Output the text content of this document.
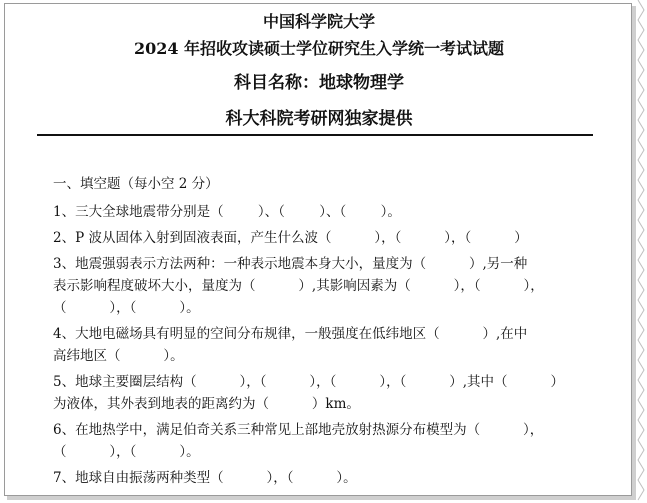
中国科学院大学
2024 年招收攻读硕士学位研究生入学统一考试试题
科目名称：地球物理学
科大科院考研网独家提供
一、填空题（每小空 2 分）
1、三大全球地震带分别是（        ）、（        ）、（        ）。
2、P 波从固体入射到固液表面，产生什么波（          ），（          ），（          ）
3、地震强弱表示方法两种：一种表示地震本身大小，量度为（          ）,另一种
表示影响程度破坏大小，量度为（          ）,其影响因素为（          ），（          ），
（          ），（          ）。
4、大地电磁场具有明显的空间分布规律，一般强度在低纬地区（          ）,在中
高纬地区（          ）。
5、地球主要圈层结构（          ），（          ），（          ），（          ）,其中（          ）
为液体，其外表到地表的距离约为（          ）km。
6、在地热学中，满足伯奇关系三种常见上部地壳放射热源分布模型为（          ），
（          ），（          ）。
7、地球自由振荡两种类型（          ），（          ）。
